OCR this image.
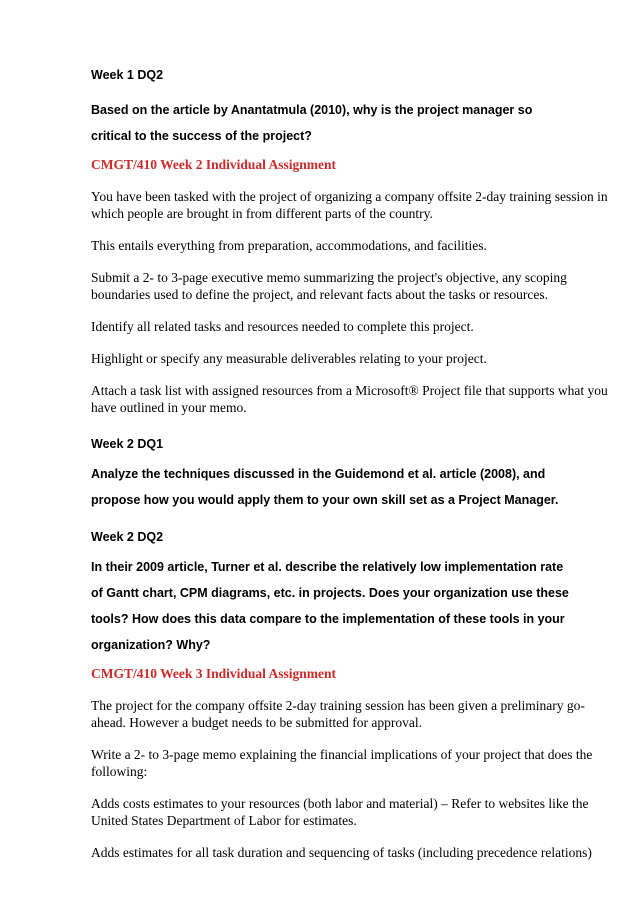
Week 1 DQ2
Based on the article by Anantatmula (2010), why is the project manager so
critical to the success of the project?
CMGT/410 Week 2 Individual Assignment
You have been tasked with the project of organizing a company offsite 2-day training session in
which people are brought in from different parts of the country.
This entails everything from preparation, accommodations, and facilities.
Submit a 2- to 3-page executive memo summarizing the project's objective, any scoping
boundaries used to define the project, and relevant facts about the tasks or resources.
Identify all related tasks and resources needed to complete this project.
Highlight or specify any measurable deliverables relating to your project.
Attach a task list with assigned resources from a Microsoft® Project file that supports what you
have outlined in your memo.
Week 2 DQ1
Analyze the techniques discussed in the Guidemond et al. article (2008), and
propose how you would apply them to your own skill set as a Project Manager.
Week 2 DQ2
In their 2009 article, Turner et al. describe the relatively low implementation rate
of Gantt chart, CPM diagrams, etc. in projects. Does your organization use these
tools? How does this data compare to the implementation of these tools in your
organization? Why?
CMGT/410 Week 3 Individual Assignment
The project for the company offsite 2-day training session has been given a preliminary go-
ahead. However a budget needs to be submitted for approval.
Write a 2- to 3-page memo explaining the financial implications of your project that does the
following:
Adds costs estimates to your resources (both labor and material) – Refer to websites like the
United States Department of Labor for estimates.
Adds estimates for all task duration and sequencing of tasks (including precedence relations)
